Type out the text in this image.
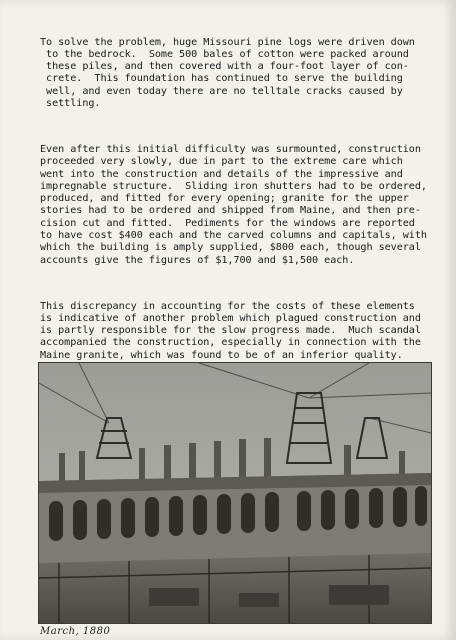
To solve the problem, huge Missouri pine logs were driven down
to the bedrock.  Some 500 bales of cotton were packed around
these piles, and then covered with a four-foot layer of con-
crete.  This foundation has continued to serve the building
well, and even today there are no telltale cracks caused by
settling.

Even after this initial difficulty was surmounted, construction
proceeded very slowly, due in part to the extreme care which
went into the construction and details of the impressive and
impregnable structure.  Sliding iron shutters had to be ordered,
produced, and fitted for every opening; granite for the upper
stories had to be ordered and shipped from Maine, and then pre-
cision cut and fitted.  Pediments for the windows are reported
to have cost $400 each and the carved columns and capitals, with
which the building is amply supplied, $800 each, though several
accounts give the figures of $1,700 and $1,500 each.

This discrepancy in accounting for the costs of these elements
is indicative of another problem which plagued construction and
is partly responsible for the slow progress made.  Much scandal
accompanied the construction, especially in connection with the
Maine granite, which was found to be of an inferior quality.

March, 1880
